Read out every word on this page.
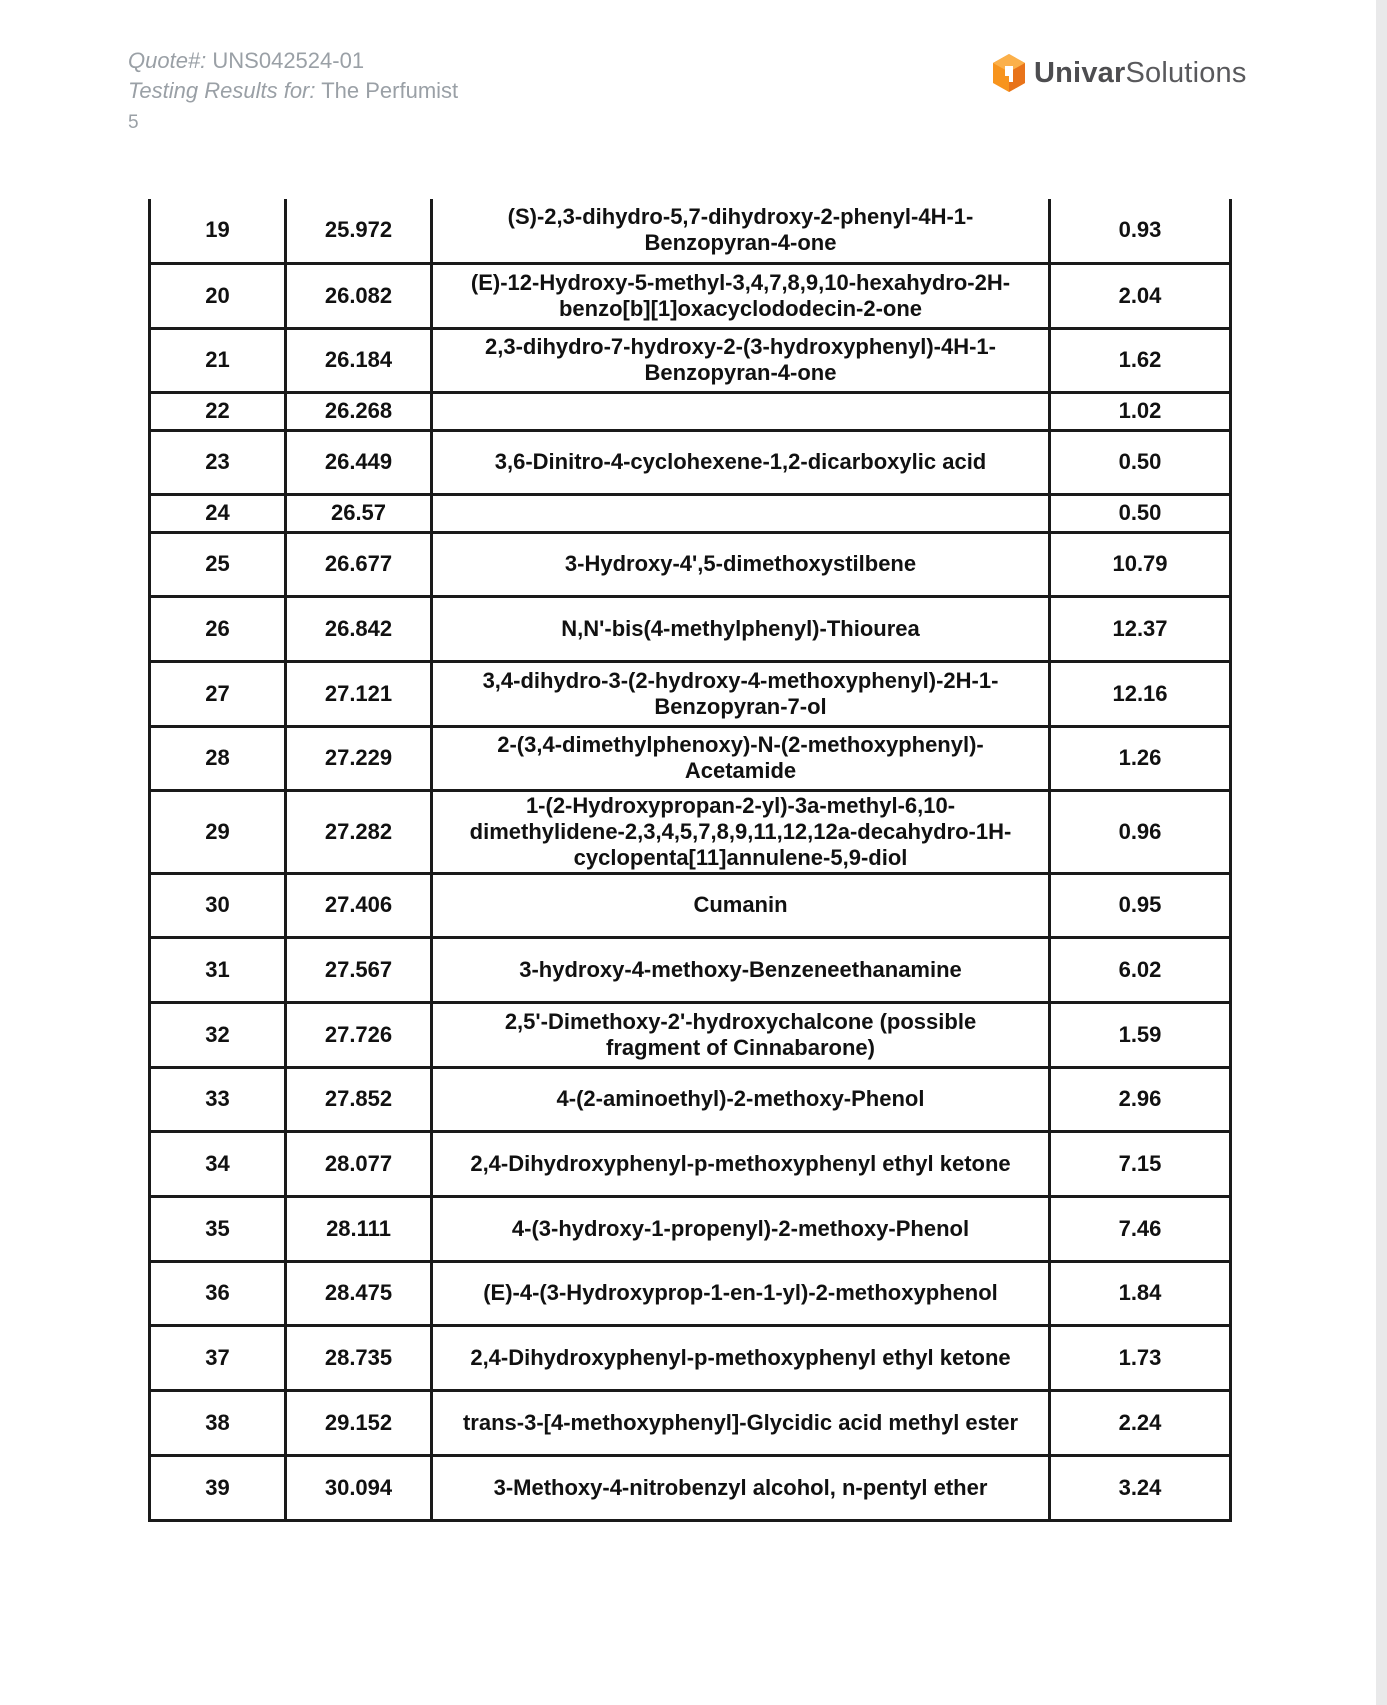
Quote#: UNS042524-01
Testing Results for: The Perfumist
5
UnivarSolutions
19	25.972	(S)-2,3-dihydro-5,7-dihydroxy-2-phenyl-4H-1-
Benzopyran-4-one	0.93
20	26.082	(E)-12-Hydroxy-5-methyl-3,4,7,8,9,10-hexahydro-2H-
benzo[b][1]oxacyclododecin-2-one	2.04
21	26.184	2,3-dihydro-7-hydroxy-2-(3-hydroxyphenyl)-4H-1-
Benzopyran-4-one	1.62
22	26.268		1.02
23	26.449	3,6-Dinitro-4-cyclohexene-1,2-dicarboxylic acid	0.50
24	26.57		0.50
25	26.677	3-Hydroxy-4',5-dimethoxystilbene	10.79
26	26.842	N,N'-bis(4-methylphenyl)-Thiourea	12.37
27	27.121	3,4-dihydro-3-(2-hydroxy-4-methoxyphenyl)-2H-1-
Benzopyran-7-ol	12.16
28	27.229	2-(3,4-dimethylphenoxy)-N-(2-methoxyphenyl)-
Acetamide	1.26
29	27.282	1-(2-Hydroxypropan-2-yl)-3a-methyl-6,10-
dimethylidene-2,3,4,5,7,8,9,11,12,12a-decahydro-1H-
cyclopenta[11]annulene-5,9-diol	0.96
30	27.406	Cumanin	0.95
31	27.567	3-hydroxy-4-methoxy-Benzeneethanamine	6.02
32	27.726	2,5'-Dimethoxy-2'-hydroxychalcone (possible
fragment of Cinnabarone)	1.59
33	27.852	4-(2-aminoethyl)-2-methoxy-Phenol	2.96
34	28.077	2,4-Dihydroxyphenyl-p-methoxyphenyl ethyl ketone	7.15
35	28.111	4-(3-hydroxy-1-propenyl)-2-methoxy-Phenol	7.46
36	28.475	(E)-4-(3-Hydroxyprop-1-en-1-yl)-2-methoxyphenol	1.84
37	28.735	2,4-Dihydroxyphenyl-p-methoxyphenyl ethyl ketone	1.73
38	29.152	trans-3-[4-methoxyphenyl]-Glycidic acid methyl ester	2.24
39	30.094	3-Methoxy-4-nitrobenzyl alcohol, n-pentyl ether	3.24
